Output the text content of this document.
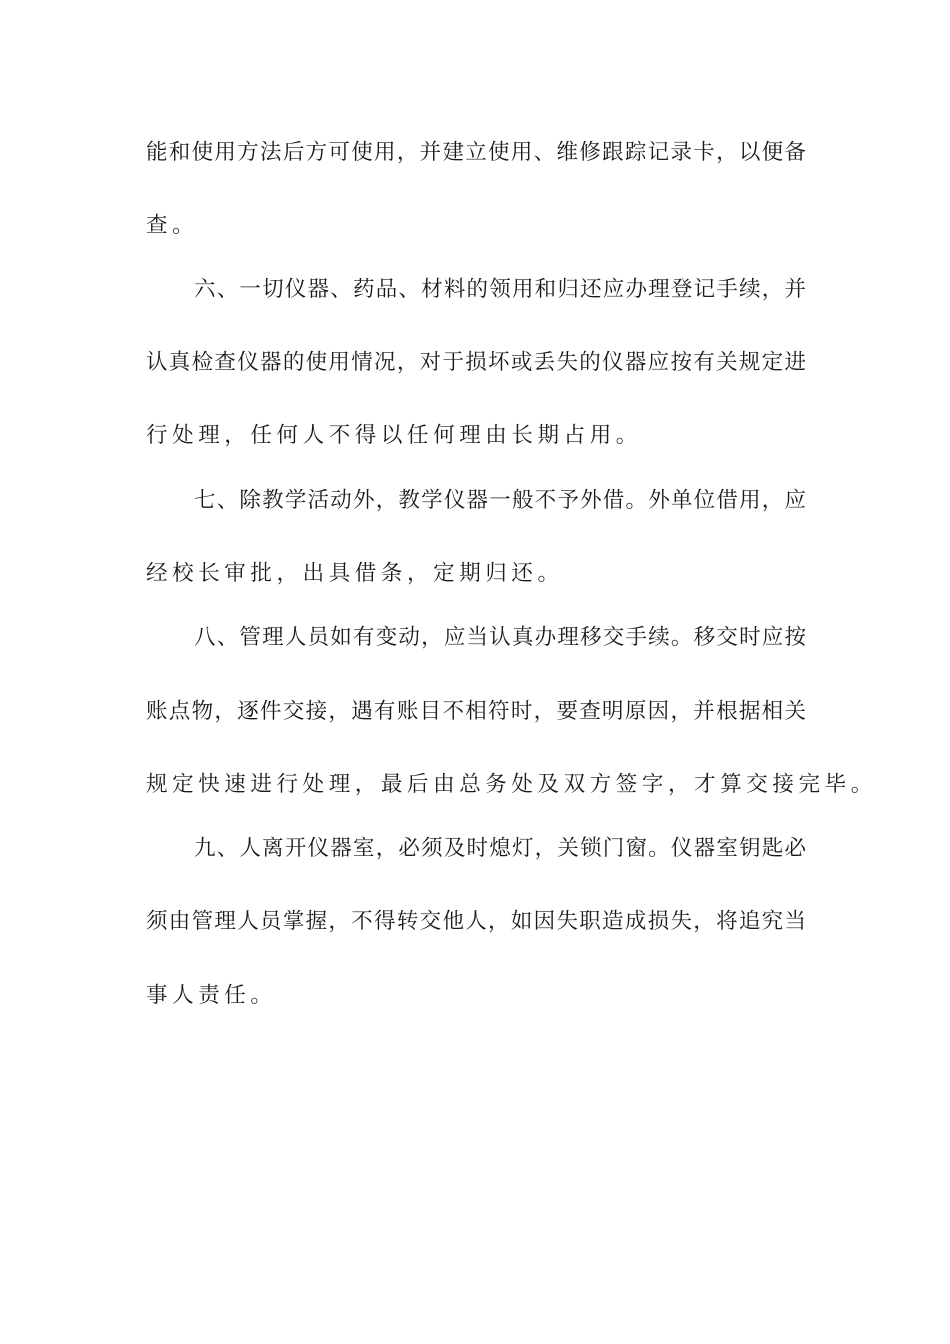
能和使用方法后方可使用，并建立使用、维修跟踪记录卡，以便备
查。
六、一切仪器、药品、材料的领用和归还应办理登记手续，并
认真检查仪器的使用情况，对于损坏或丢失的仪器应按有关规定进
行处理，任何人不得以任何理由长期占用。
七、除教学活动外，教学仪器一般不予外借。外单位借用，应
经校长审批，出具借条，定期归还。
八、管理人员如有变动，应当认真办理移交手续。移交时应按
账点物，逐件交接，遇有账目不相符时，要查明原因，并根据相关
规定快速进行处理，最后由总务处及双方签字，才算交接完毕。
九、人离开仪器室，必须及时熄灯，关锁门窗。仪器室钥匙必
须由管理人员掌握，不得转交他人，如因失职造成损失，将追究当
事人责任。
